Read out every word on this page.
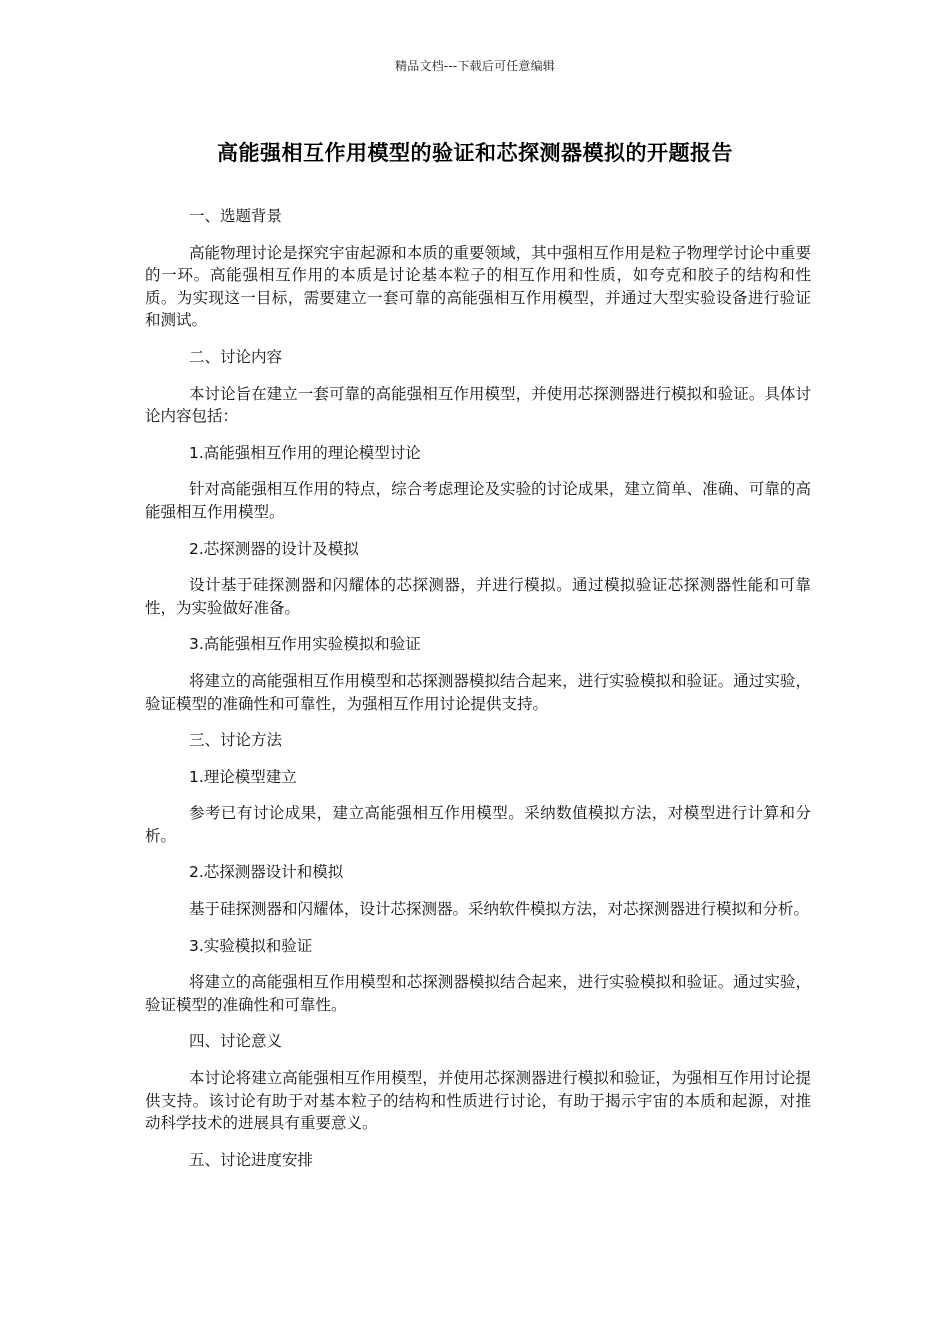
精品文档---下载后可任意编辑
高能强相互作用模型的验证和芯探测器模拟的开题报告

一、选题背景

高能物理讨论是探究宇宙起源和本质的重要领域，其中强相互作用是粒子物理学讨论中重要的一环。高能强相互作用的本质是讨论基本粒子的相互作用和性质，如夸克和胶子的结构和性质。为实现这一目标，需要建立一套可靠的高能强相互作用模型，并通过大型实验设备进行验证和测试。

二、讨论内容

本讨论旨在建立一套可靠的高能强相互作用模型，并使用芯探测器进行模拟和验证。具体讨论内容包括：

1.高能强相互作用的理论模型讨论

针对高能强相互作用的特点，综合考虑理论及实验的讨论成果，建立简单、准确、可靠的高能强相互作用模型。

2.芯探测器的设计及模拟

设计基于硅探测器和闪耀体的芯探测器，并进行模拟。通过模拟验证芯探测器性能和可靠性，为实验做好准备。

3.高能强相互作用实验模拟和验证

将建立的高能强相互作用模型和芯探测器模拟结合起来，进行实验模拟和验证。通过实验，验证模型的准确性和可靠性，为强相互作用讨论提供支持。

三、讨论方法

1.理论模型建立

参考已有讨论成果，建立高能强相互作用模型。采纳数值模拟方法，对模型进行计算和分析。

2.芯探测器设计和模拟

基于硅探测器和闪耀体，设计芯探测器。采纳软件模拟方法，对芯探测器进行模拟和分析。

3.实验模拟和验证

将建立的高能强相互作用模型和芯探测器模拟结合起来，进行实验模拟和验证。通过实验，验证模型的准确性和可靠性。

四、讨论意义

本讨论将建立高能强相互作用模型，并使用芯探测器进行模拟和验证，为强相互作用讨论提供支持。该讨论有助于对基本粒子的结构和性质进行讨论，有助于揭示宇宙的本质和起源，对推动科学技术的进展具有重要意义。

五、讨论进度安排
